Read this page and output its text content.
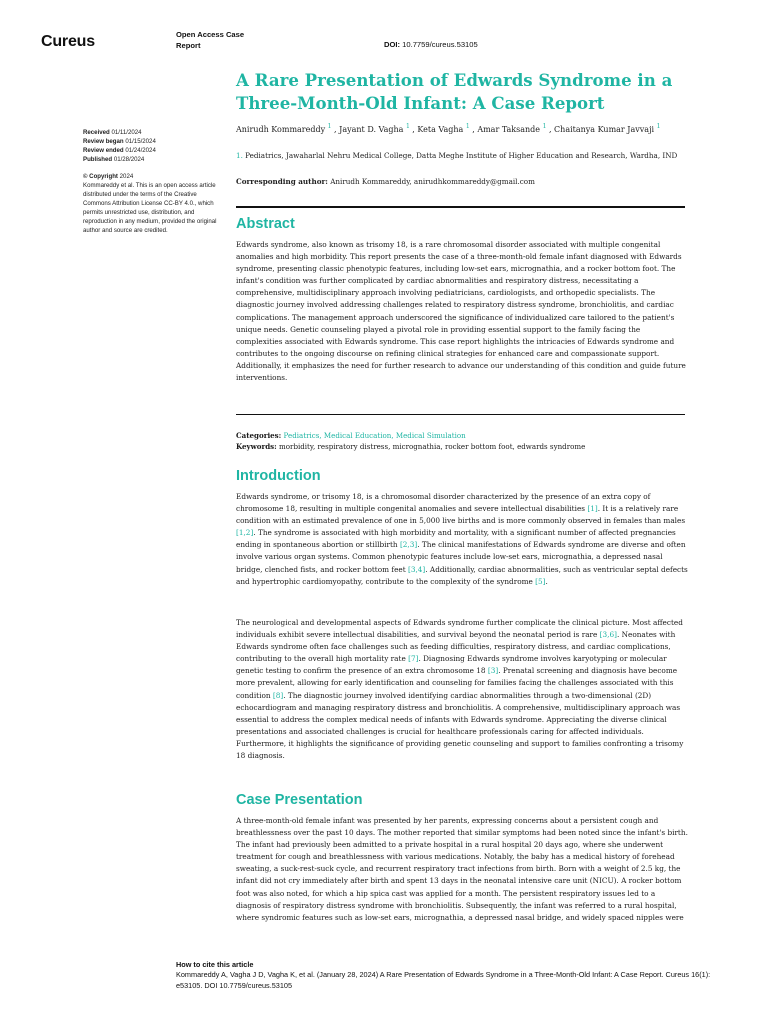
Cureus	Open Access Case
Report	DOI: 10.7759/cureus.53105
A Rare Presentation of Edwards Syndrome in a Three-Month-Old Infant: A Case Report
Anirudh Kommareddy $^1$ , Jayant D. Vagha $^1$ , Keta Vagha $^1$ , Amar Taksande $^1$ , Chaitanya Kumar Javvaji $^1$
1. Pediatrics, Jawaharlal Nehru Medical College, Datta Meghe Institute of Higher Education and Research, Wardha, IND
Corresponding author: Anirudh Kommareddy, anirudhkommareddy@gmail.com
Received 01/11/2024
Review began 01/15/2024
Review ended 01/24/2024
Published 01/28/2024
© Copyright 2024
Kommareddy et al. This is an open access article distributed under the terms of the Creative Commons Attribution License CC-BY 4.0., which permits unrestricted use, distribution, and reproduction in any medium, provided the original author and source are credited.	Abstract

Edwards syndrome, also known as trisomy 18, is a rare chromosomal disorder associated with multiple congenital anomalies and high morbidity. This report presents the case of a three-month-old female infant diagnosed with Edwards syndrome, presenting classic phenotypic features, including low-set ears, micrognathia, and a rocker bottom foot. The infant's condition was further complicated by cardiac abnormalities and respiratory distress, necessitating a comprehensive, multidisciplinary approach involving pediatricians, cardiologists, and orthopedic specialists. The diagnostic journey involved addressing challenges related to respiratory distress syndrome, bronchiolitis, and cardiac complications. The management approach underscored the significance of individualized care tailored to the patient's unique needs. Genetic counseling played a pivotal role in providing essential support to the family facing the complexities associated with Edwards syndrome. This case report highlights the intricacies of Edwards syndrome and contributes to the ongoing discourse on refining clinical strategies for enhanced care and compassionate support. Additionally, it emphasizes the need for further research to advance our understanding of this condition and guide future interventions.

Categories: Pediatrics, Medical Education, Medical Simulation
Keywords: morbidity, respiratory distress, micrognathia, rocker bottom foot, edwards syndrome
Introduction

Edwards syndrome, or trisomy 18, is a chromosomal disorder characterized by the presence of an extra copy of chromosome 18, resulting in multiple congenital anomalies and severe intellectual disabilities [1]. It is a relatively rare condition with an estimated prevalence of one in 5,000 live births and is more commonly observed in females than males [1,2]. The syndrome is associated with high morbidity and mortality, with a significant number of affected pregnancies ending in spontaneous abortion or stillbirth [2,3]. The clinical manifestations of Edwards syndrome are diverse and often involve various organ systems. Common phenotypic features include low-set ears, micrognathia, a depressed nasal bridge, clenched fists, and rocker bottom feet [3,4]. Additionally, cardiac abnormalities, such as ventricular septal defects and hypertrophic cardiomyopathy, contribute to the complexity of the syndrome [5].

The neurological and developmental aspects of Edwards syndrome further complicate the clinical picture. Most affected individuals exhibit severe intellectual disabilities, and survival beyond the neonatal period is rare [3,6]. Neonates with Edwards syndrome often face challenges such as feeding difficulties, respiratory distress, and cardiac complications, contributing to the overall high mortality rate [7]. Diagnosing Edwards syndrome involves karyotyping or molecular genetic testing to confirm the presence of an extra chromosome 18 [3]. Prenatal screening and diagnosis have become more prevalent, allowing for early identification and counseling for families facing the challenges associated with this condition [8]. The diagnostic journey involved identifying cardiac abnormalities through a two-dimensional (2D) echocardiogram and managing respiratory distress and bronchiolitis. A comprehensive, multidisciplinary approach was essential to address the complex medical needs of infants with Edwards syndrome. Appreciating the diverse clinical presentations and associated challenges is crucial for healthcare professionals caring for affected individuals. Furthermore, it highlights the significance of providing genetic counseling and support to families confronting a trisomy 18 diagnosis.

Case Presentation

A three-month-old female infant was presented by her parents, expressing concerns about a persistent cough and breathlessness over the past 10 days. The mother reported that similar symptoms had been noted since the infant's birth. The infant had previously been admitted to a private hospital in a rural hospital 20 days ago, where she underwent treatment for cough and breathlessness with various medications. Notably, the baby has a medical history of forehead sweating, a suck-rest-suck cycle, and recurrent respiratory tract infections from birth. Born with a weight of 2.5 kg, the infant did not cry immediately after birth and spent 13 days in the neonatal intensive care unit (NICU). A rocker bottom foot was also noted, for which a hip spica cast was applied for a month. The persistent respiratory issues led to a diagnosis of respiratory distress syndrome with bronchiolitis. Subsequently, the infant was referred to a rural hospital, where syndromic features such as low-set ears, micrognathia, a depressed nasal bridge, and widely spaced nipples were

How to cite this article
Kommareddy A, Vagha J D, Vagha K, et al. (January 28, 2024) A Rare Presentation of Edwards Syndrome in a Three-Month-Old Infant: A Case Report. Cureus 16(1): e53105. DOI 10.7759/cureus.53105
